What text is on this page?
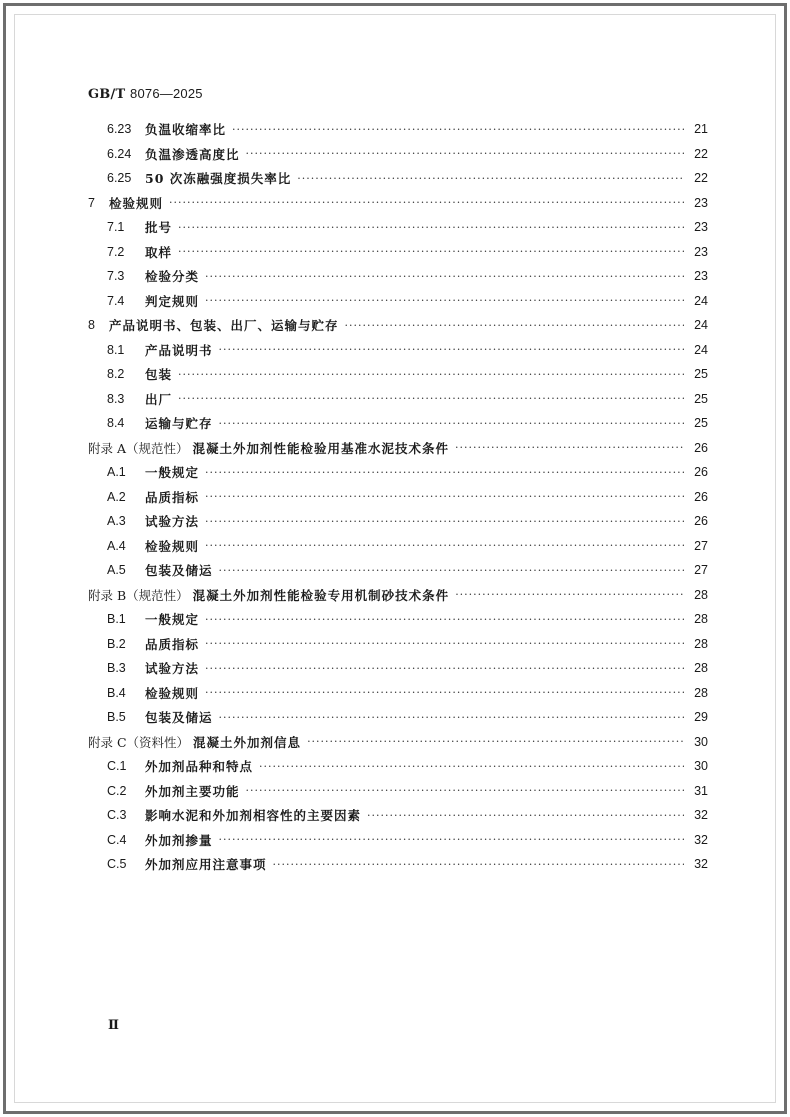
GB/T 8076—2025
6.23	负温收缩率比 ·····	21
6.24	负温渗透高度比 ·····	22
6.25	50 次冻融强度损失率比 ·····	22
7 检验规则 ·····	23
7.1	批号 ·····	23
7.2	取样 ·····	23
7.3	检验分类 ·····	23
7.4	判定规则 ·····	24
8 产品说明书、包装、出厂、运输与贮存 ·····	24
8.1	产品说明书 ·····	24
8.2	包装 ·····	25
8.3	出厂 ·····	25
8.4	运输与贮存 ·····	25
附录 A（规范性） 混凝土外加剂性能检验用基准水泥技术条件 ·····	26
A.1	一般规定 ·····	26
A.2	品质指标 ·····	26
A.3	试验方法 ·····	26
A.4	检验规则 ·····	27
A.5	包装及储运 ·····	27
附录 B（规范性） 混凝土外加剂性能检验专用机制砂技术条件 ·····	28
B.1	一般规定 ·····	28
B.2	品质指标 ·····	28
B.3	试验方法 ·····	28
B.4	检验规则 ·····	28
B.5	包装及储运 ·····	29
附录 C（资料性） 混凝土外加剂信息 ·····	30
C.1	外加剂品种和特点 ·····	30
C.2	外加剂主要功能 ·····	31
C.3	影响水泥和外加剂相容性的主要因素 ·····	32
C.4	外加剂掺量 ·····	32
C.5	外加剂应用注意事项 ·····	32
Ⅱ
